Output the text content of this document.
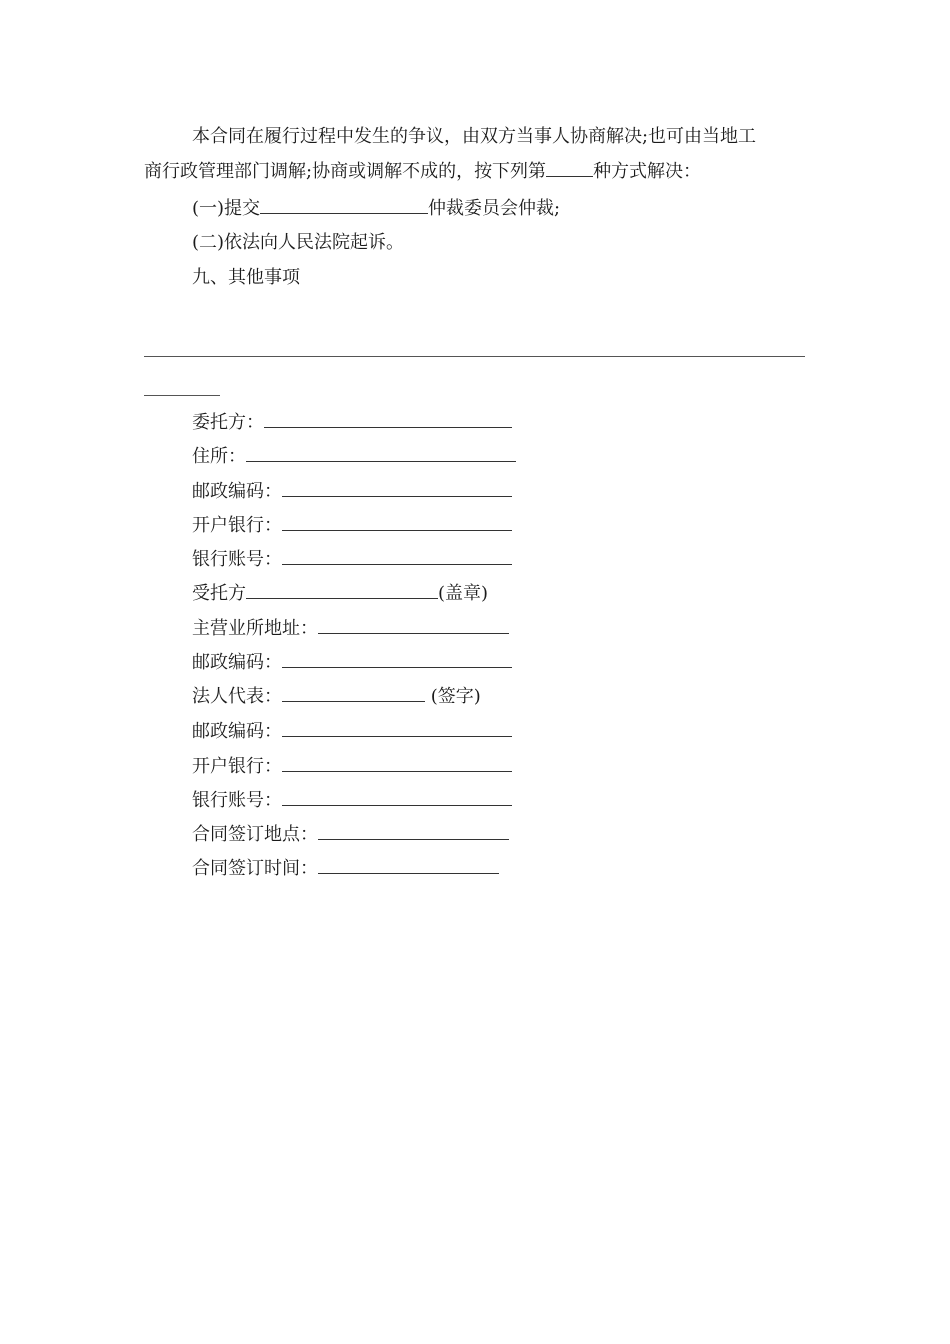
本合同在履行过程中发生的争议，由双方当事人协商解决;也可由当地工
商行政管理部门调解;协商或调解不成的，按下列第	种方式解决：
(一)提交	仲裁委员会仲裁;
(二)依法向人民法院起诉。
九、其他事项
委托方：
住所：
邮政编码：
开户银行：
银行账号：
受托方	(盖章)
主营业所地址：
邮政编码：
法人代表：	(签字)
邮政编码：
开户银行：
银行账号：
合同签订地点：
合同签订时间：
